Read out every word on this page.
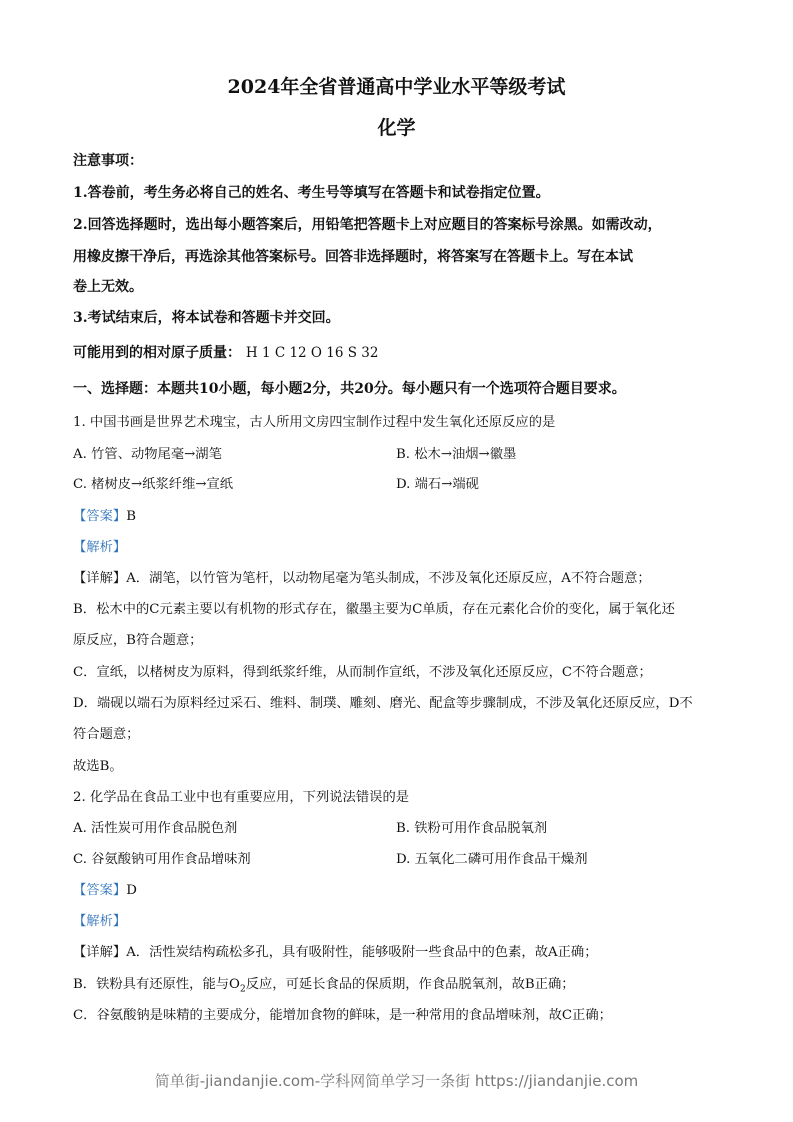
2024年全省普通高中学业水平等级考试
化学
注意事项：
1.答卷前，考生务必将自己的姓名、考生号等填写在答题卡和试卷指定位置。
2.回答选择题时，选出每小题答案后，用铅笔把答题卡上对应题目的答案标号涂黑。如需改动，
用橡皮擦干净后，再选涂其他答案标号。回答非选择题时，将答案写在答题卡上。写在本试
卷上无效。
3.考试结束后，将本试卷和答题卡并交回。
可能用到的相对原子质量： H 1 C 12 O 16 S 32
一、选择题：本题共10小题，每小题2分，共20分。每小题只有一个选项符合题目要求。
1. 中国书画是世界艺术瑰宝，古人所用文房四宝制作过程中发生氧化还原反应的是
A. 竹管、动物尾毫→湖笔	B. 松木→油烟→徽墨
C. 楮树皮→纸浆纤维→宣纸	D. 端石→端砚
【答案】B
【解析】
【详解】A．湖笔，以竹管为笔杆，以动物尾毫为笔头制成，不涉及氧化还原反应，A不符合题意；
B．松木中的C元素主要以有机物的形式存在，徽墨主要为C单质，存在元素化合价的变化，属于氧化还
原反应，B符合题意；
C．宣纸，以楮树皮为原料，得到纸浆纤维，从而制作宣纸，不涉及氧化还原反应，C不符合题意；
D．端砚以端石为原料经过采石、维料、制璞、雕刻、磨光、配盒等步骤制成，不涉及氧化还原反应，D不
符合题意；
故选B。
2. 化学品在食品工业中也有重要应用，下列说法错误的是
A. 活性炭可用作食品脱色剂	B. 铁粉可用作食品脱氧剂
C. 谷氨酸钠可用作食品增味剂	D. 五氧化二磷可用作食品干燥剂
【答案】D
【解析】
【详解】A．活性炭结构疏松多孔，具有吸附性，能够吸附一些食品中的色素，故A正确；
B．铁粉具有还原性，能与$O_2$反应，可延长食品的保质期，作食品脱氧剂，故B正确；
C．谷氨酸钠是味精的主要成分，能增加食物的鲜味，是一种常用的食品增味剂，故C正确；
简单街-jiandanjie.com-学科网简单学习一条街 https://jiandanjie.com
